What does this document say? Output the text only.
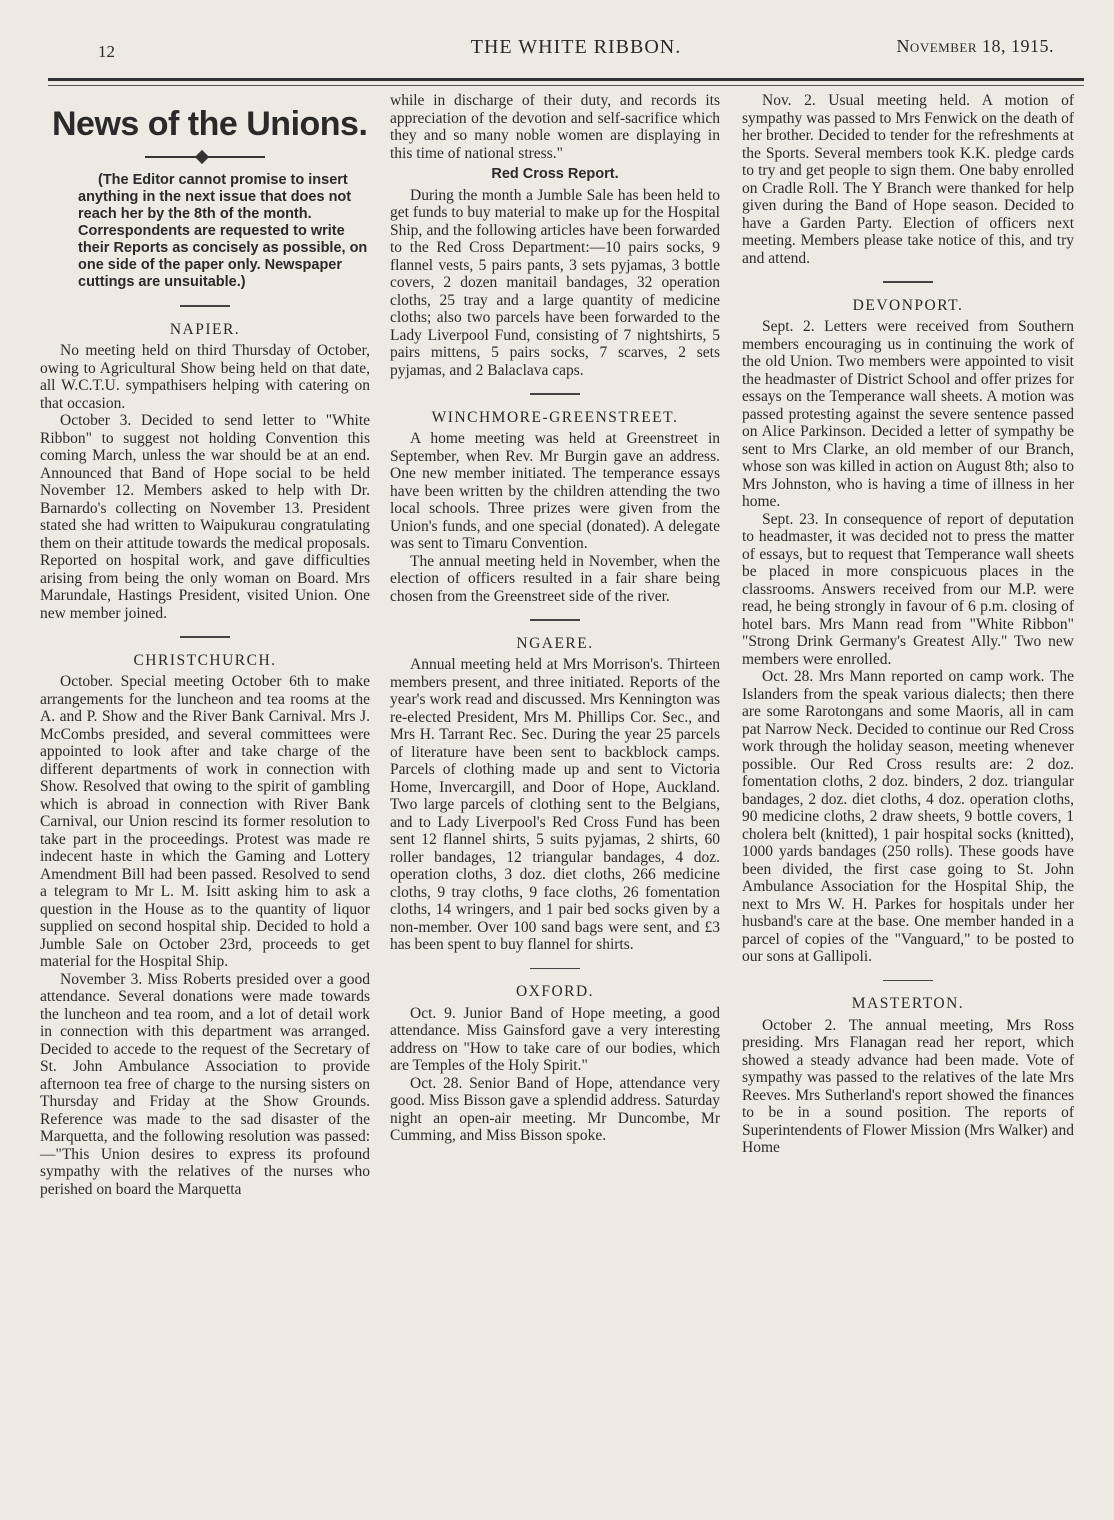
12	THE WHITE RIBBON.	November 18, 1915.
News of the Unions.

(The Editor cannot promise to insert anything in the next issue that does not reach her by the 8th of the month. Correspondents are requested to write their Reports as concisely as possible, on one side of the paper only. Newspaper cuttings are unsuitable.)

NAPIER.

No meeting held on third Thursday of October, owing to Agricultural Show being held on that date, all W.C.T.U. sympathisers helping with catering on that occasion.

October 3. Decided to send letter to "White Ribbon" to suggest not holding Convention this coming March, unless the war should be at an end. Announced that Band of Hope social to be held November 12. Members asked to help with Dr. Barnardo's collecting on November 13. President stated she had written to Waipukurau congratulating them on their attitude towards the medical proposals. Reported on hospital work, and gave difficulties arising from being the only woman on Board. Mrs Marundale, Hastings President, visited Union. One new member joined.

CHRISTCHURCH.

October. Special meeting October 6th to make arrangements for the luncheon and tea rooms at the A. and P. Show and the River Bank Carnival. Mrs J. McCombs presided, and several committees were appointed to look after and take charge of the different departments of work in connection with Show. Resolved that owing to the spirit of gambling which is abroad in connection with River Bank Carnival, our Union rescind its former resolution to take part in the proceedings. Protest was made re indecent haste in which the Gaming and Lottery Amendment Bill had been passed. Resolved to send a telegram to Mr L. M. Isitt asking him to ask a question in the House as to the quantity of liquor supplied on second hospital ship. Decided to hold a Jumble Sale on October 23rd, proceeds to get material for the Hospital Ship.

November 3. Miss Roberts presided over a good attendance. Several donations were made towards the luncheon and tea room, and a lot of detail work in connection with this department was arranged. Decided to accede to the request of the Secretary of St. John Ambulance Association to provide afternoon tea free of charge to the nursing sisters on Thursday and Friday at the Show Grounds. Reference was made to the sad disaster of the Marquetta, and the following resolution was passed:—"This Union desires to express its profound sympathy with the relatives of the nurses who perished on board the Marquetta

while in discharge of their duty, and records its appreciation of the devotion and self-sacrifice which they and so many noble women are displaying in this time of national stress."

Red Cross Report.

During the month a Jumble Sale has been held to get funds to buy material to make up for the Hospital Ship, and the following articles have been forwarded to the Red Cross Department:—10 pairs socks, 9 flannel vests, 5 pairs pants, 3 sets pyjamas, 3 bottle covers, 2 dozen manitail bandages, 32 operation cloths, 25 tray and a large quantity of medicine cloths; also two parcels have been forwarded to the Lady Liverpool Fund, consisting of 7 nightshirts, 5 pairs mittens, 5 pairs socks, 7 scarves, 2 sets pyjamas, and 2 Balaclava caps.

WINCHMORE-GREENSTREET.

A home meeting was held at Greenstreet in September, when Rev. Mr Burgin gave an address. One new member initiated. The temperance essays have been written by the children attending the two local schools. Three prizes were given from the Union's funds, and one special (donated). A delegate was sent to Timaru Convention.

The annual meeting held in November, when the election of officers resulted in a fair share being chosen from the Greenstreet side of the river.

NGAERE.

Annual meeting held at Mrs Morrison's. Thirteen members present, and three initiated. Reports of the year's work read and discussed. Mrs Kennington was re-elected President, Mrs M. Phillips Cor. Sec., and Mrs H. Tarrant Rec. Sec. During the year 25 parcels of literature have been sent to backblock camps. Parcels of clothing made up and sent to Victoria Home, Invercargill, and Door of Hope, Auckland. Two large parcels of clothing sent to the Belgians, and to Lady Liverpool's Red Cross Fund has been sent 12 flannel shirts, 5 suits pyjamas, 2 shirts, 60 roller bandages, 12 triangular bandages, 4 doz. operation cloths, 3 doz. diet cloths, 266 medicine cloths, 9 tray cloths, 9 face cloths, 26 fomentation cloths, 14 wringers, and 1 pair bed socks given by a non-member. Over 100 sand bags were sent, and £3 has been spent to buy flannel for shirts.

OXFORD.

Oct. 9. Junior Band of Hope meeting, a good attendance. Miss Gainsford gave a very interesting address on "How to take care of our bodies, which are Temples of the Holy Spirit."

Oct. 28. Senior Band of Hope, attendance very good. Miss Bisson gave a splendid address. Saturday night an open-air meeting. Mr Duncombe, Mr Cumming, and Miss Bisson spoke.

Nov. 2. Usual meeting held. A motion of sympathy was passed to Mrs Fenwick on the death of her brother. Decided to tender for the refreshments at the Sports. Several members took K.K. pledge cards to try and get people to sign them. One baby enrolled on Cradle Roll. The Y Branch were thanked for help given during the Band of Hope season. Decided to have a Garden Party. Election of officers next meeting. Members please take notice of this, and try and attend.

DEVONPORT.

Sept. 2. Letters were received from Southern members encouraging us in continuing the work of the old Union. Two members were appointed to visit the headmaster of District School and offer prizes for essays on the Temperance wall sheets. A motion was passed protesting against the severe sentence passed on Alice Parkinson. Decided a letter of sympathy be sent to Mrs Clarke, an old member of our Branch, whose son was killed in action on August 8th; also to Mrs Johnston, who is having a time of illness in her home.

Sept. 23. In consequence of report of deputation to headmaster, it was decided not to press the matter of essays, but to request that Temperance wall sheets be placed in more conspicuous places in the classrooms. Answers received from our M.P. were read, he being strongly in favour of 6 p.m. closing of hotel bars. Mrs Mann read from "White Ribbon" "Strong Drink Germany's Greatest Ally." Two new members were enrolled.

Oct. 28. Mrs Mann reported on camp work. The Islanders from the speak various dialects; then there are some Rarotongans and some Maoris, all in cam pat Narrow Neck. Decided to continue our Red Cross work through the holiday season, meeting whenever possible. Our Red Cross results are: 2 doz. fomentation cloths, 2 doz. binders, 2 doz. triangular bandages, 2 doz. diet cloths, 4 doz. operation cloths, 90 medicine cloths, 2 draw sheets, 9 bottle covers, 1 cholera belt (knitted), 1 pair hospital socks (knitted), 1000 yards bandages (250 rolls). These goods have been divided, the first case going to St. John Ambulance Association for the Hospital Ship, the next to Mrs W. H. Parkes for hospitals under her husband's care at the base. One member handed in a parcel of copies of the "Vanguard," to be posted to our sons at Gallipoli.

MASTERTON.

October 2. The annual meeting, Mrs Ross presiding. Mrs Flanagan read her report, which showed a steady advance had been made. Vote of sympathy was passed to the relatives of the late Mrs Reeves. Mrs Sutherland's report showed the finances to be in a sound position. The reports of Superintendents of Flower Mission (Mrs Walker) and Home
